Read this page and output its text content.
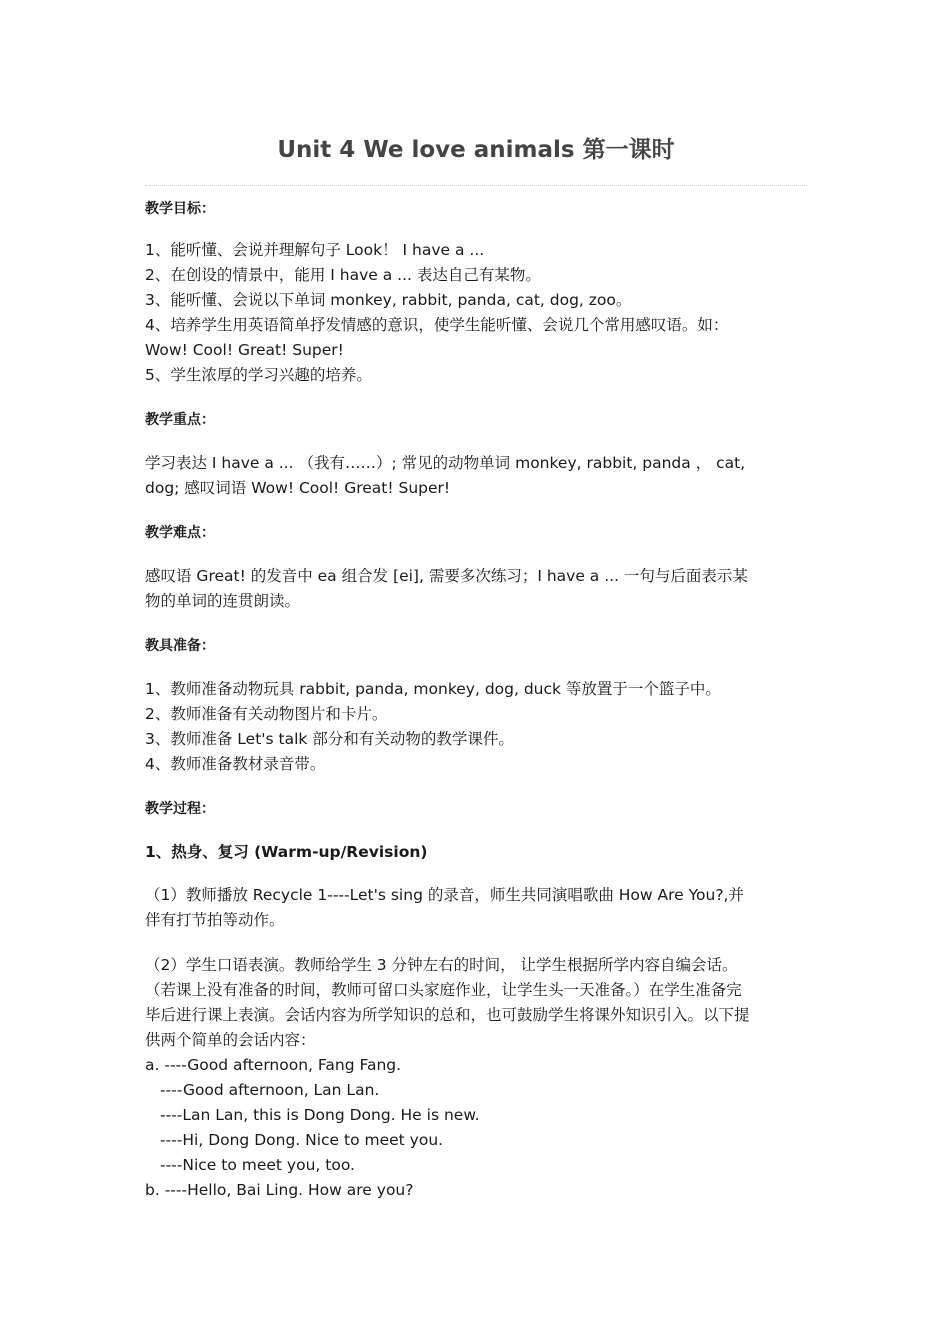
Unit 4 We love animals 第一课时
教学目标：
1、能听懂、会说并理解句子 Look！ I have a ...
2、在创设的情景中，能用 I have a ... 表达自己有某物。
3、能听懂、会说以下单词 monkey, rabbit, panda, cat, dog, zoo。
4、培养学生用英语简单抒发情感的意识，使学生能听懂、会说几个常用感叹语。如：
Wow! Cool! Great! Super!
5、学生浓厚的学习兴趣的培养。
教学重点：
学习表达 I have a ... （我有……）; 常见的动物单词 monkey, rabbit, panda ， cat,
dog; 感叹词语 Wow! Cool! Great! Super!
教学难点：
感叹语 Great! 的发音中 ea 组合发 [ei], 需要多次练习；I have a ... 一句与后面表示某
物的单词的连贯朗读。
教具准备：
1、教师准备动物玩具 rabbit, panda, monkey, dog, duck 等放置于一个篮子中。
2、教师准备有关动物图片和卡片。
3、教师准备 Let's talk 部分和有关动物的教学课件。
4、教师准备教材录音带。
教学过程：
1、热身、复习 (Warm-up/Revision)
（1）教师播放 Recycle 1----Let's sing 的录音，师生共同演唱歌曲 How Are You?,并
伴有打节拍等动作。
（2）学生口语表演。教师给学生 3 分钟左右的时间， 让学生根据所学内容自编会话。
（若课上没有准备的时间，教师可留口头家庭作业，让学生头一天准备。）在学生准备完
毕后进行课上表演。会话内容为所学知识的总和，也可鼓励学生将课外知识引入。以下提
供两个简单的会话内容：
a. ----Good afternoon, Fang Fang.
----Good afternoon, Lan Lan.
----Lan Lan, this is Dong Dong. He is new.
----Hi, Dong Dong. Nice to meet you.
----Nice to meet you, too.
b. ----Hello, Bai Ling. How are you?
